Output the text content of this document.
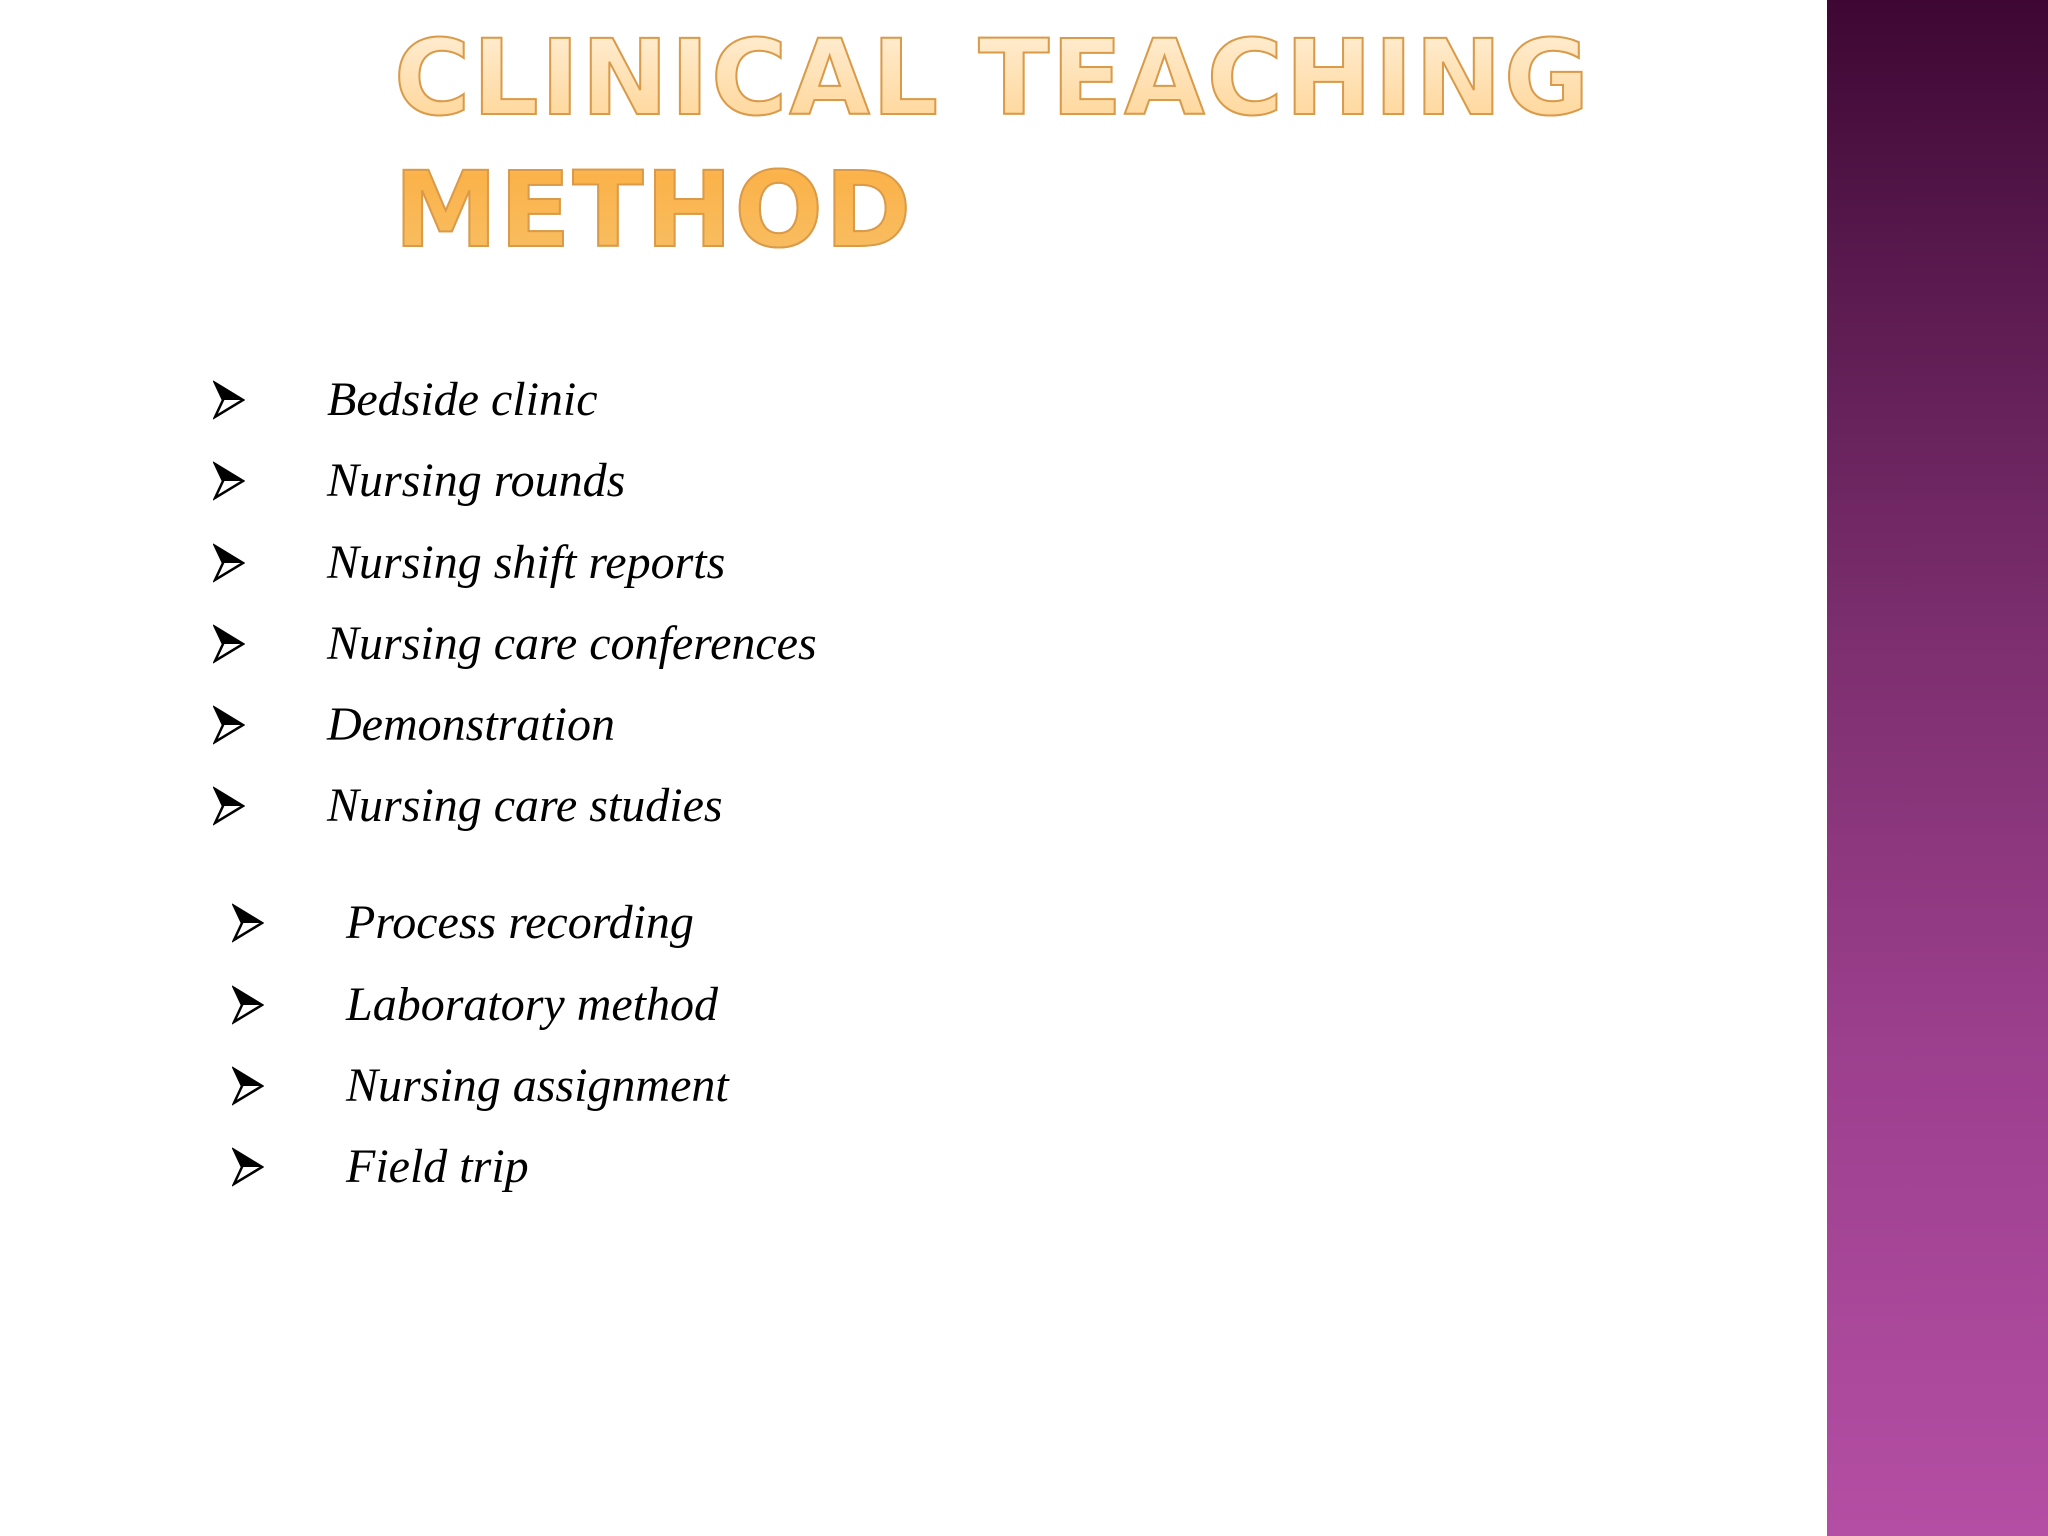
CLINICAL TEACHING METHOD
Bedside clinic
Nursing rounds
Nursing shift reports
Nursing care conferences
Demonstration
Nursing care studies
Process recording
Laboratory method
Nursing assignment
Field trip
